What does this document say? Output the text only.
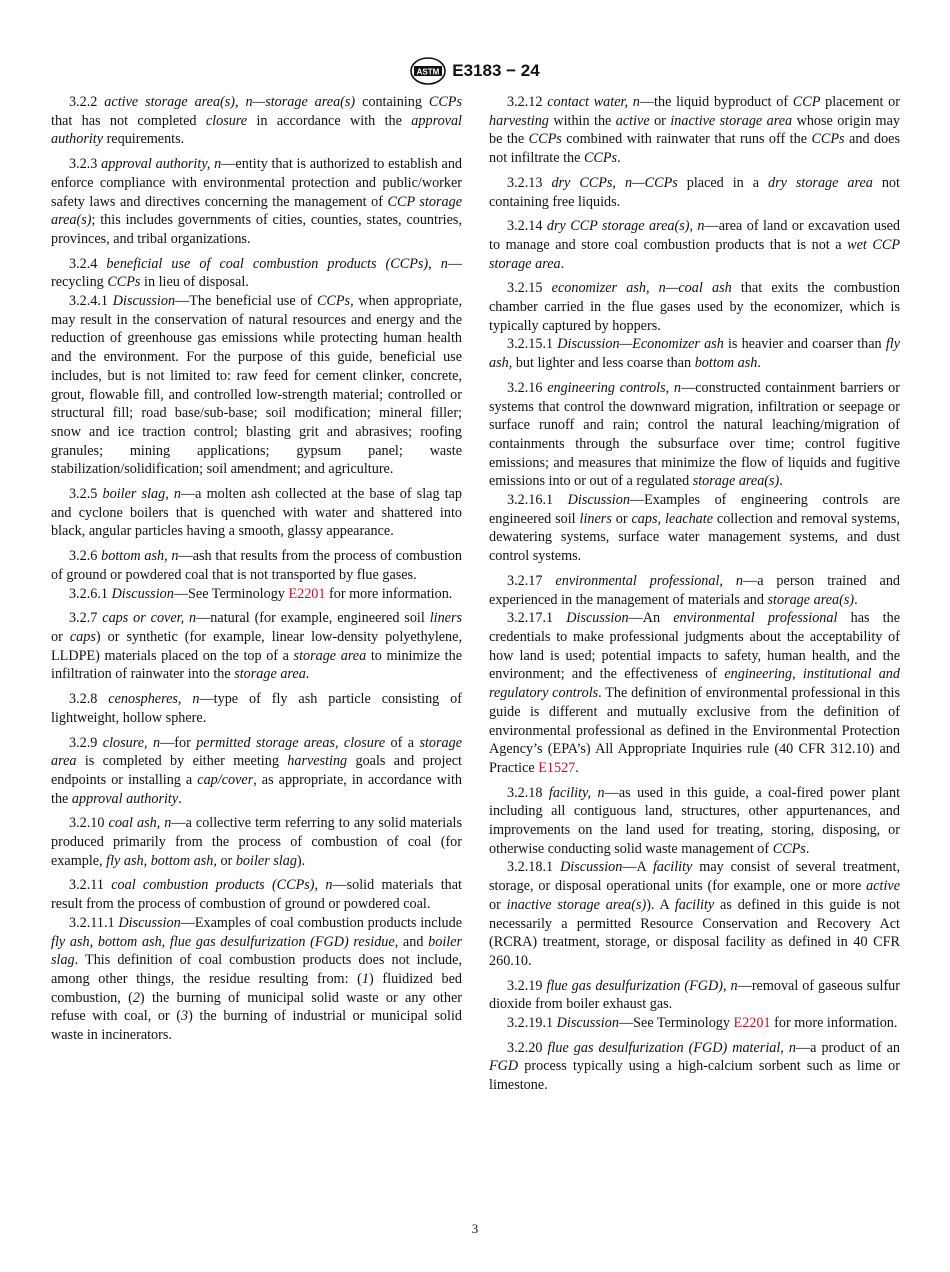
ASTM E3183 − 24

3.2.2 active storage area(s), n—storage area(s) containing CCPs that has not completed closure in accordance with the approval authority requirements.

3.2.3 approval authority, n—entity that is authorized to establish and enforce compliance with environmental protection and public/worker safety laws and directives concerning the management of CCP storage area(s); this includes governments of cities, counties, states, countries, provinces, and tribal organizations.

3.2.4 beneficial use of coal combustion products (CCPs), n—recycling CCPs in lieu of disposal.

3.2.4.1 Discussion—The beneficial use of CCPs, when appropriate, may result in the conservation of natural resources and energy and the reduction of greenhouse gas emissions while protecting human health and the environment. For the purpose of this guide, beneficial use includes, but is not limited to: raw feed for cement clinker, concrete, grout, flowable fill, and controlled low-strength material; controlled or structural fill; road base/sub-base; soil modification; mineral filler; snow and ice traction control; blasting grit and abrasives; roofing granules; mining applications; gypsum panel; waste stabilization/solidification; soil amendment; and agriculture.

3.2.5 boiler slag, n—a molten ash collected at the base of slag tap and cyclone boilers that is quenched with water and shattered into black, angular particles having a smooth, glassy appearance.

3.2.6 bottom ash, n—ash that results from the process of combustion of ground or powdered coal that is not transported by flue gases.

3.2.6.1 Discussion—See Terminology E2201 for more information.

3.2.7 caps or cover, n—natural (for example, engineered soil liners or caps) or synthetic (for example, linear low-density polyethylene, LLDPE) materials placed on the top of a storage area to minimize the infiltration of rainwater into the storage area.

3.2.8 cenospheres, n—type of fly ash particle consisting of lightweight, hollow sphere.

3.2.9 closure, n—for permitted storage areas, closure of a storage area is completed by either meeting harvesting goals and project endpoints or installing a cap/cover, as appropriate, in accordance with the approval authority.

3.2.10 coal ash, n—a collective term referring to any solid materials produced primarily from the process of combustion of coal (for example, fly ash, bottom ash, or boiler slag).

3.2.11 coal combustion products (CCPs), n—solid materials that result from the process of combustion of ground or powdered coal.

3.2.11.1 Discussion—Examples of coal combustion products include fly ash, bottom ash, flue gas desulfurization (FGD) residue, and boiler slag. This definition of coal combustion products does not include, among other things, the residue resulting from: (1) fluidized bed combustion, (2) the burning of municipal solid waste or any other refuse with coal, or (3) the burning of industrial or municipal solid waste in incinerators.

3.2.12 contact water, n—the liquid byproduct of CCP placement or harvesting within the active or inactive storage area whose origin may be the CCPs combined with rainwater that runs off the CCPs and does not infiltrate the CCPs.

3.2.13 dry CCPs, n—CCPs placed in a dry storage area not containing free liquids.

3.2.14 dry CCP storage area(s), n—area of land or excavation used to manage and store coal combustion products that is not a wet CCP storage area.

3.2.15 economizer ash, n—coal ash that exits the combustion chamber carried in the flue gases used by the economizer, which is typically captured by hoppers.

3.2.15.1 Discussion—Economizer ash is heavier and coarser than fly ash, but lighter and less coarse than bottom ash.

3.2.16 engineering controls, n—constructed containment barriers or systems that control the downward migration, infiltration or seepage or surface runoff and rain; control the natural leaching/migration of containments through the subsurface over time; control fugitive emissions; and measures that minimize the flow of liquids and fugitive emissions into or out of a regulated storage area(s).

3.2.16.1 Discussion—Examples of engineering controls are engineered soil liners or caps, leachate collection and removal systems, dewatering systems, surface water management systems, and dust control systems.

3.2.17 environmental professional, n—a person trained and experienced in the management of materials and storage area(s).

3.2.17.1 Discussion—An environmental professional has the credentials to make professional judgments about the acceptability of how land is used; potential impacts to safety, human health, and the environment; and the effectiveness of engineering, institutional and regulatory controls. The definition of environmental professional in this guide is different and mutually exclusive from the definition of environmental professional as defined in the Environmental Protection Agency’s (EPA’s) All Appropriate Inquiries rule (40 CFR 312.10) and Practice E1527.

3.2.18 facility, n—as used in this guide, a coal-fired power plant including all contiguous land, structures, other appurtenances, and improvements on the land used for treating, storing, disposing, or otherwise conducting solid waste management of CCPs.

3.2.18.1 Discussion—A facility may consist of several treatment, storage, or disposal operational units (for example, one or more active or inactive storage area(s)). A facility as defined in this guide is not necessarily a permitted Resource Conservation and Recovery Act (RCRA) treatment, storage, or disposal facility as defined in 40 CFR 260.10.

3.2.19 flue gas desulfurization (FGD), n—removal of gaseous sulfur dioxide from boiler exhaust gas.

3.2.19.1 Discussion—See Terminology E2201 for more information.

3.2.20 flue gas desulfurization (FGD) material, n—a product of an FGD process typically using a high-calcium sorbent such as lime or limestone.

3
